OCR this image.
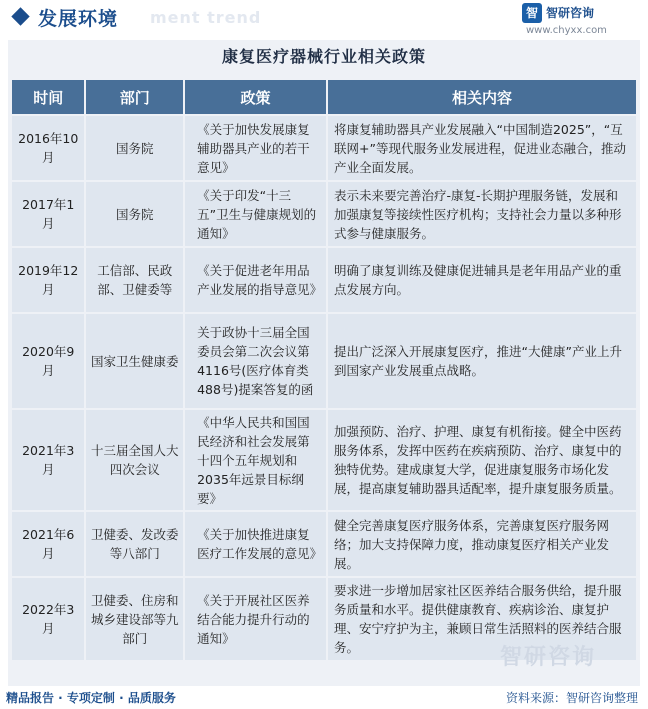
发展环境 ment trend	智 智研咨询
www.chyxx.com
康复医疗器械行业相关政策
时间	部门	政策	相关内容
2016年10月	国务院	《关于加快发展康复辅助器具产业的若干意见》	将康复辅助器具产业发展融入“中国制造2025”，“互联网+”等现代服务业发展进程，促进业态融合，推动产业全面发展。
2017年1月	国务院	《关于印发“十三五”卫生与健康规划的通知》	表示未来要完善治疗-康复-长期护理服务链，发展和加强康复等接续性医疗机构；支持社会力量以多种形式参与健康服务。
2019年12月	工信部、民政部、卫健委等	《关于促进老年用品产业发展的指导意见》	明确了康复训练及健康促进辅具是老年用品产业的重点发展方向。
2020年9月	国家卫生健康委	关于政协十三届全国委员会第二次会议第4116号(医疗体育类488号)提案答复的函	提出广泛深入开展康复医疗，推进“大健康”产业上升到国家产业发展重点战略。
2021年3月	十三届全国人大四次会议	《中华人民共和国国民经济和社会发展第十四个五年规划和2035年远景目标纲要》	加强预防、治疗、护理、康复有机衔接。健全中医药服务体系，发挥中医药在疾病预防、治疗、康复中的独特优势。建成康复大学，促进康复服务市场化发展，提高康复辅助器具适配率，提升康复服务质量。
2021年6月	卫健委、发改委等八部门	《关于加快推进康复医疗工作发展的意见》	健全完善康复医疗服务体系，完善康复医疗服务网络；加大支持保障力度，推动康复医疗相关产业发展。
2022年3月	卫健委、住房和城乡建设部等九部门	《关于开展社区医养结合能力提升行动的通知》	要求进一步增加居家社区医养结合服务供给，提升服务质量和水平。提供健康教育、疾病诊治、康复护理、安宁疗护为主，兼顾日常生活照料的医养结合服务。	智研咨询
精品报告 · 专项定制 · 品质服务	资料来源：智研咨询整理
